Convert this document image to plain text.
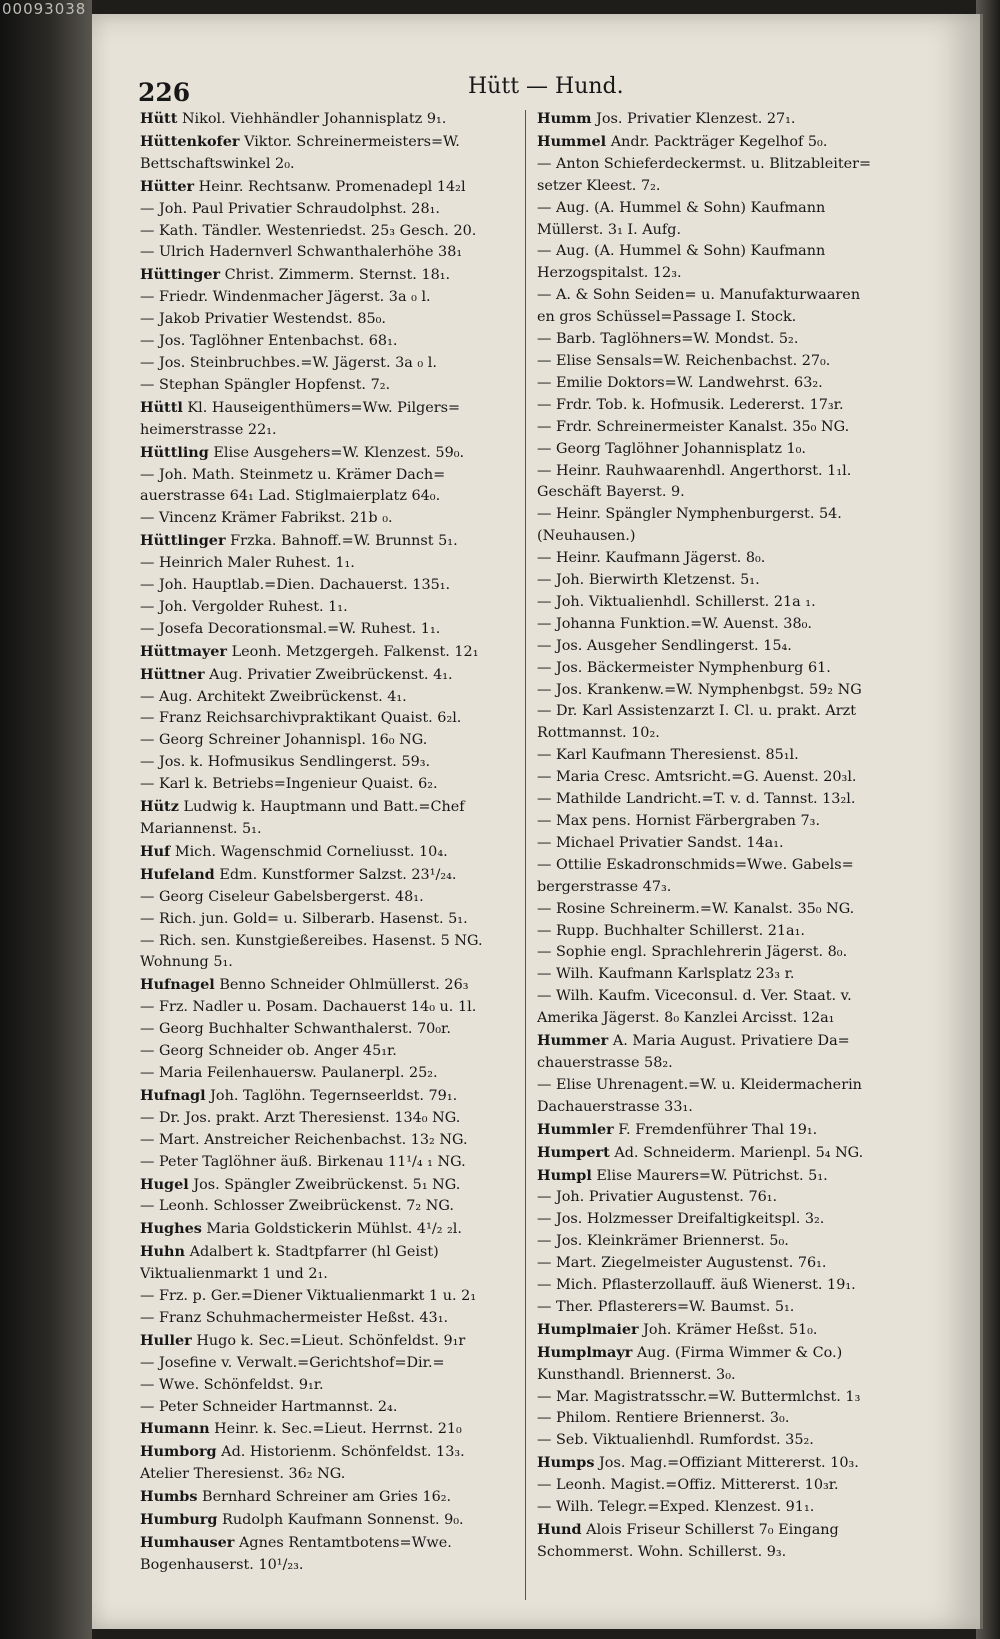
00093038
226	Hütt — Hund.
Hütt Nikol. Viehhändler Johannisplatz 9₁.
Hüttenkofer Viktor. Schreinermeisters=W.
Bettschaftswinkel 2₀.
Hütter Heinr. Rechtsanw. Promenadepl 14₂l
— Joh. Paul Privatier Schraudolphst. 28₁.
— Kath. Tändler. Westenriedst. 25₃ Gesch. 20.
— Ulrich Hadernverl Schwanthalerhöhe 38₁
Hüttinger Christ. Zimmerm. Sternst. 18₁.
— Friedr. Windenmacher Jägerst. 3a ₀ l.
— Jakob Privatier Westendst. 85₀.
— Jos. Taglöhner Entenbachst. 68₁.
— Jos. Steinbruchbes.=W. Jägerst. 3a ₀ l.
— Stephan Spängler Hopfenst. 7₂.
Hüttl Kl. Hauseigenthümers=Ww. Pilgers=
heimerstrasse 22₁.
Hüttling Elise Ausgehers=W. Klenzest. 59₀.
— Joh. Math. Steinmetz u. Krämer Dach=
auerstrasse 64₁ Lad. Stiglmaierplatz 64₀.
— Vincenz Krämer Fabrikst. 21b ₀.
Hüttlinger Frzka. Bahnoff.=W. Brunnst 5₁.
— Heinrich Maler Ruhest. 1₁.
— Joh. Hauptlab.=Dien. Dachauerst. 135₁.
— Joh. Vergolder Ruhest. 1₁.
— Josefa Decorationsmal.=W. Ruhest. 1₁.
Hüttmayer Leonh. Metzgergeh. Falkenst. 12₁
Hüttner Aug. Privatier Zweibrückenst. 4₁.
— Aug. Architekt Zweibrückenst. 4₁.
— Franz Reichsarchivpraktikant Quaist. 6₂l.
— Georg Schreiner Johannispl. 16₀ NG.
— Jos. k. Hofmusikus Sendlingerst. 59₃.
— Karl k. Betriebs=Ingenieur Quaist. 6₂.
Hütz Ludwig k. Hauptmann und Batt.=Chef
Mariannenst. 5₁.
Huf Mich. Wagenschmid Corneliusst. 10₄.
Hufeland Edm. Kunstformer Salzst. 23¹/₂₄.
— Georg Ciseleur Gabelsbergerst. 48₁.
— Rich. jun. Gold= u. Silberarb. Hasenst. 5₁.
— Rich. sen. Kunstgießereibes. Hasenst. 5 NG.
Wohnung 5₁.
Hufnagel Benno Schneider Ohlmüllerst. 26₃
— Frz. Nadler u. Posam. Dachauerst 14₀ u. 1l.
— Georg Buchhalter Schwanthalerst. 70₀r.
— Georg Schneider ob. Anger 45₁r.
— Maria Feilenhauersw. Paulanerpl. 25₂.
Hufnagl Joh. Taglöhn. Tegernseerldst. 79₁.
— Dr. Jos. prakt. Arzt Theresienst. 134₀ NG.
— Mart. Anstreicher Reichenbachst. 13₂ NG.
— Peter Taglöhner äuß. Birkenau 11¹/₄ ₁ NG.
Hugel Jos. Spängler Zweibrückenst. 5₁ NG.
— Leonh. Schlosser Zweibrückenst. 7₂ NG.
Hughes Maria Goldstickerin Mühlst. 4¹/₂ ₂l.
Huhn Adalbert k. Stadtpfarrer (hl Geist)
Viktualienmarkt 1 und 2₁.
— Frz. p. Ger.=Diener Viktualienmarkt 1 u. 2₁
— Franz Schuhmachermeister Heßst. 43₁.
Huller Hugo k. Sec.=Lieut. Schönfeldst. 9₁r
— Josefine v. Verwalt.=Gerichtshof=Dir.=
— Wwe. Schönfeldst. 9₁r.
— Peter Schneider Hartmannst. 2₄.
Humann Heinr. k. Sec.=Lieut. Herrnst. 21₀
Humborg Ad. Historienm. Schönfeldst. 13₃.
Atelier Theresienst. 36₂ NG.
Humbs Bernhard Schreiner am Gries 16₂.
Humburg Rudolph Kaufmann Sonnenst. 9₀.
Humhauser Agnes Rentamtbotens=Wwe.
Bogenhauserst. 10¹/₂₃.
Humm Jos. Privatier Klenzest. 27₁.
Hummel Andr. Packträger Kegelhof 5₀.
— Anton Schieferdeckermst. u. Blitzableiter=
setzer Kleest. 7₂.
— Aug. (A. Hummel & Sohn) Kaufmann
Müllerst. 3₁ I. Aufg.
— Aug. (A. Hummel & Sohn) Kaufmann
Herzogspitalst. 12₃.
— A. & Sohn Seiden= u. Manufakturwaaren
en gros Schüssel=Passage I. Stock.
— Barb. Taglöhners=W. Mondst. 5₂.
— Elise Sensals=W. Reichenbachst. 27₀.
— Emilie Doktors=W. Landwehrst. 63₂.
— Frdr. Tob. k. Hofmusik. Ledererst. 17₃r.
— Frdr. Schreinermeister Kanalst. 35₀ NG.
— Georg Taglöhner Johannisplatz 1₀.
— Heinr. Rauhwaarenhdl. Angerthorst. 1₁l.
Geschäft Bayerst. 9.
— Heinr. Spängler Nymphenburgerst. 54.
(Neuhausen.)
— Heinr. Kaufmann Jägerst. 8₀.
— Joh. Bierwirth Kletzenst. 5₁.
— Joh. Viktualienhdl. Schillerst. 21a ₁.
— Johanna Funktion.=W. Auenst. 38₀.
— Jos. Ausgeher Sendlingerst. 15₄.
— Jos. Bäckermeister Nymphenburg 61.
— Jos. Krankenw.=W. Nymphenbgst. 59₂ NG
— Dr. Karl Assistenzarzt I. Cl. u. prakt. Arzt
Rottmannst. 10₂.
— Karl Kaufmann Theresienst. 85₁l.
— Maria Cresc. Amtsricht.=G. Auenst. 20₃l.
— Mathilde Landricht.=T. v. d. Tannst. 13₂l.
— Max pens. Hornist Färbergraben 7₃.
— Michael Privatier Sandst. 14a₁.
— Ottilie Eskadronschmids=Wwe. Gabels=
bergerstrasse 47₃.
— Rosine Schreinerm.=W. Kanalst. 35₀ NG.
— Rupp. Buchhalter Schillerst. 21a₁.
— Sophie engl. Sprachlehrerin Jägerst. 8₀.
— Wilh. Kaufmann Karlsplatz 23₃ r.
— Wilh. Kaufm. Viceconsul. d. Ver. Staat. v.
Amerika Jägerst. 8₀ Kanzlei Arcisst. 12a₁
Hummer A. Maria August. Privatiere Da=
chauerstrasse 58₂.
— Elise Uhrenagent.=W. u. Kleidermacherin
Dachauerstrasse 33₁.
Hummler F. Fremdenführer Thal 19₁.
Humpert Ad. Schneiderm. Marienpl. 5₄ NG.
Humpl Elise Maurers=W. Pütrichst. 5₁.
— Joh. Privatier Augustenst. 76₁.
— Jos. Holzmesser Dreifaltigkeitspl. 3₂.
— Jos. Kleinkrämer Briennerst. 5₀.
— Mart. Ziegelmeister Augustenst. 76₁.
— Mich. Pflasterzollauff. äuß Wienerst. 19₁.
— Ther. Pflasterers=W. Baumst. 5₁.
Humplmaier Joh. Krämer Heßst. 51₀.
Humplmayr Aug. (Firma Wimmer & Co.)
Kunsthandl. Briennerst. 3₀.
— Mar. Magistratsschr.=W. Buttermlchst. 1₃
— Philom. Rentiere Briennerst. 3₀.
— Seb. Viktualienhdl. Rumfordst. 35₂.
Humps Jos. Mag.=Offiziant Mittererst. 10₃.
— Leonh. Magist.=Offiz. Mittererst. 10₃r.
— Wilh. Telegr.=Exped. Klenzest. 91₁.
Hund Alois Friseur Schillerst 7₀ Eingang
Schommerst. Wohn. Schillerst. 9₃.
